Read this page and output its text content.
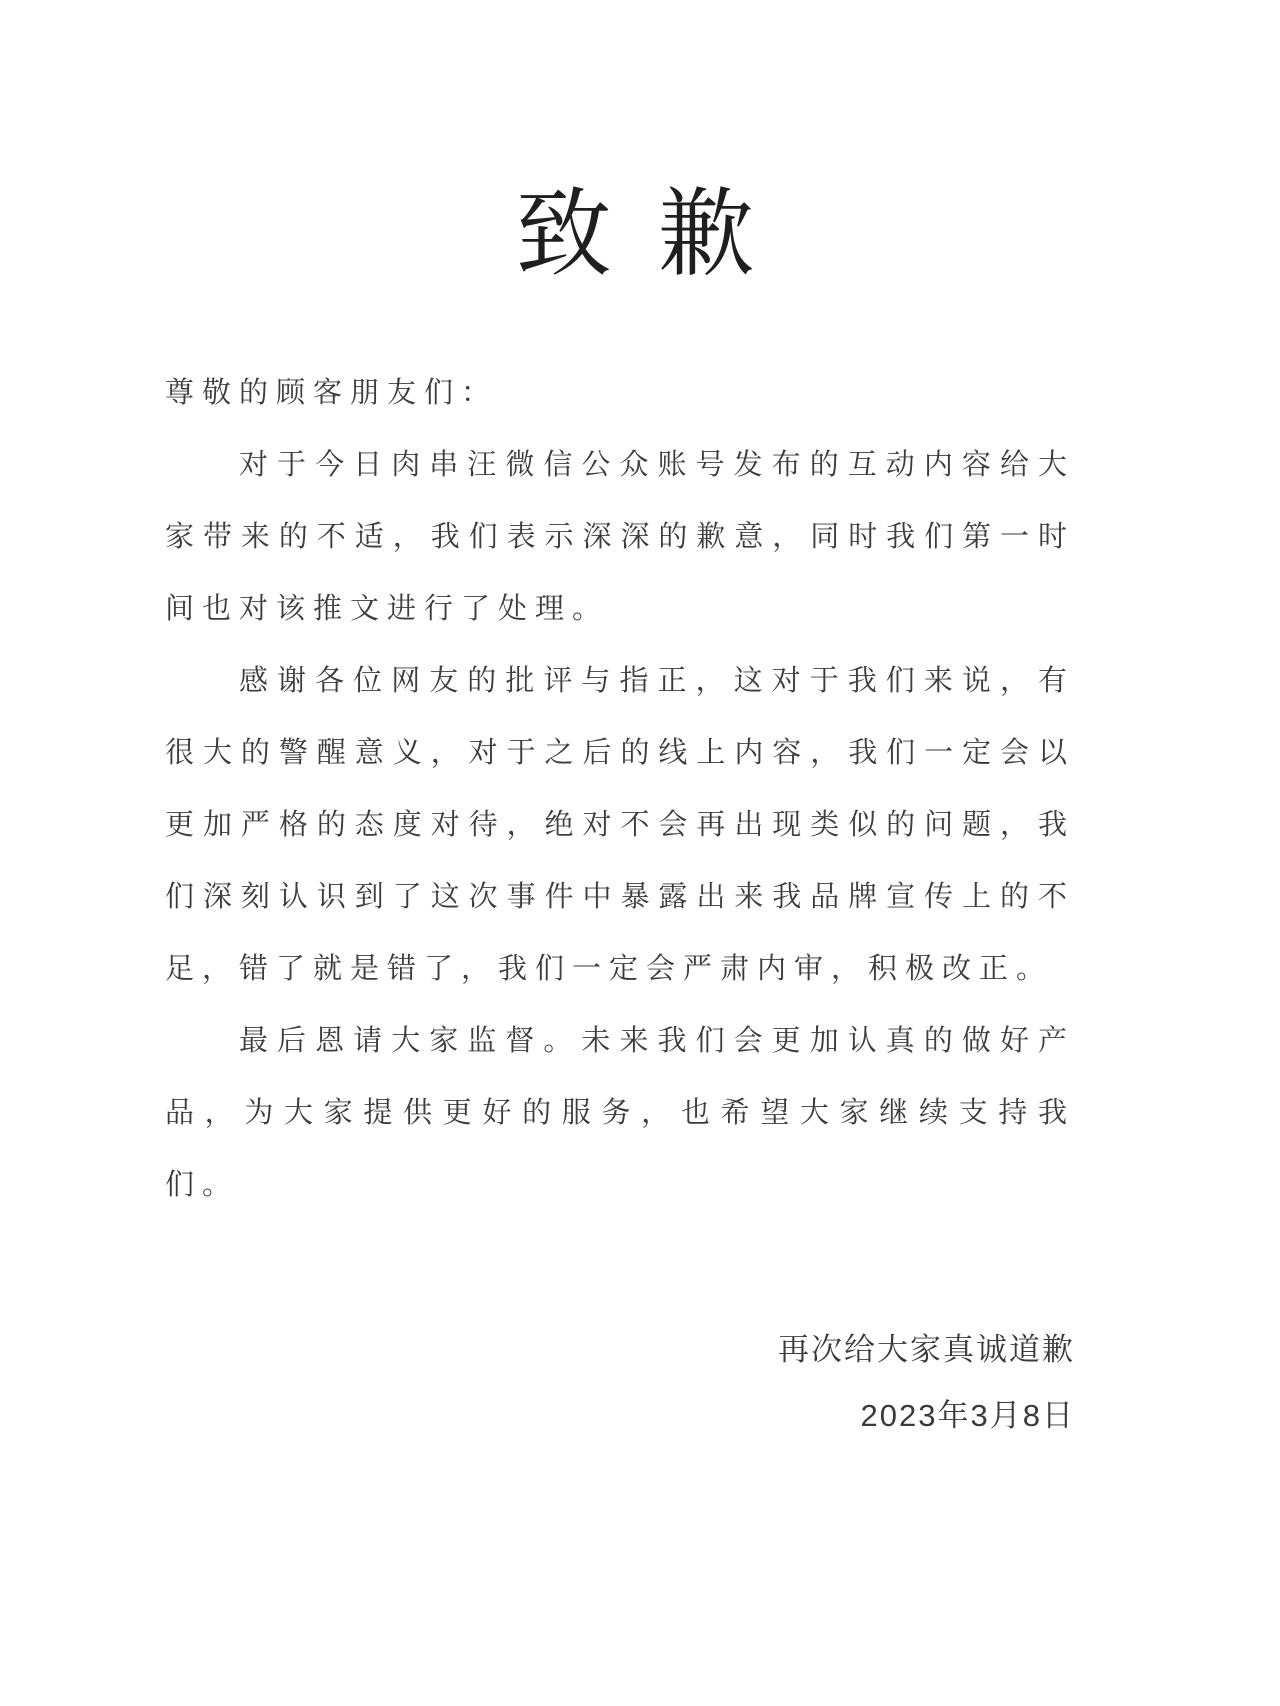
致 歉

尊敬的顾客朋友们：

对于今日肉串汪微信公众账号发布的互动内容给大家带来的不适，我们表示深深的歉意，同时我们第一时间也对该推文进行了处理。

感谢各位网友的批评与指正，这对于我们来说，有很大的警醒意义，对于之后的线上内容，我们一定会以更加严格的态度对待，绝对不会再出现类似的问题，我们深刻认识到了这次事件中暴露出来我品牌宣传上的不足，错了就是错了，我们一定会严肃内审，积极改正。

最后恩请大家监督。未来我们会更加认真的做好产品，为大家提供更好的服务，也希望大家继续支持我们。

再次给大家真诚道歉

2023年3月8日
